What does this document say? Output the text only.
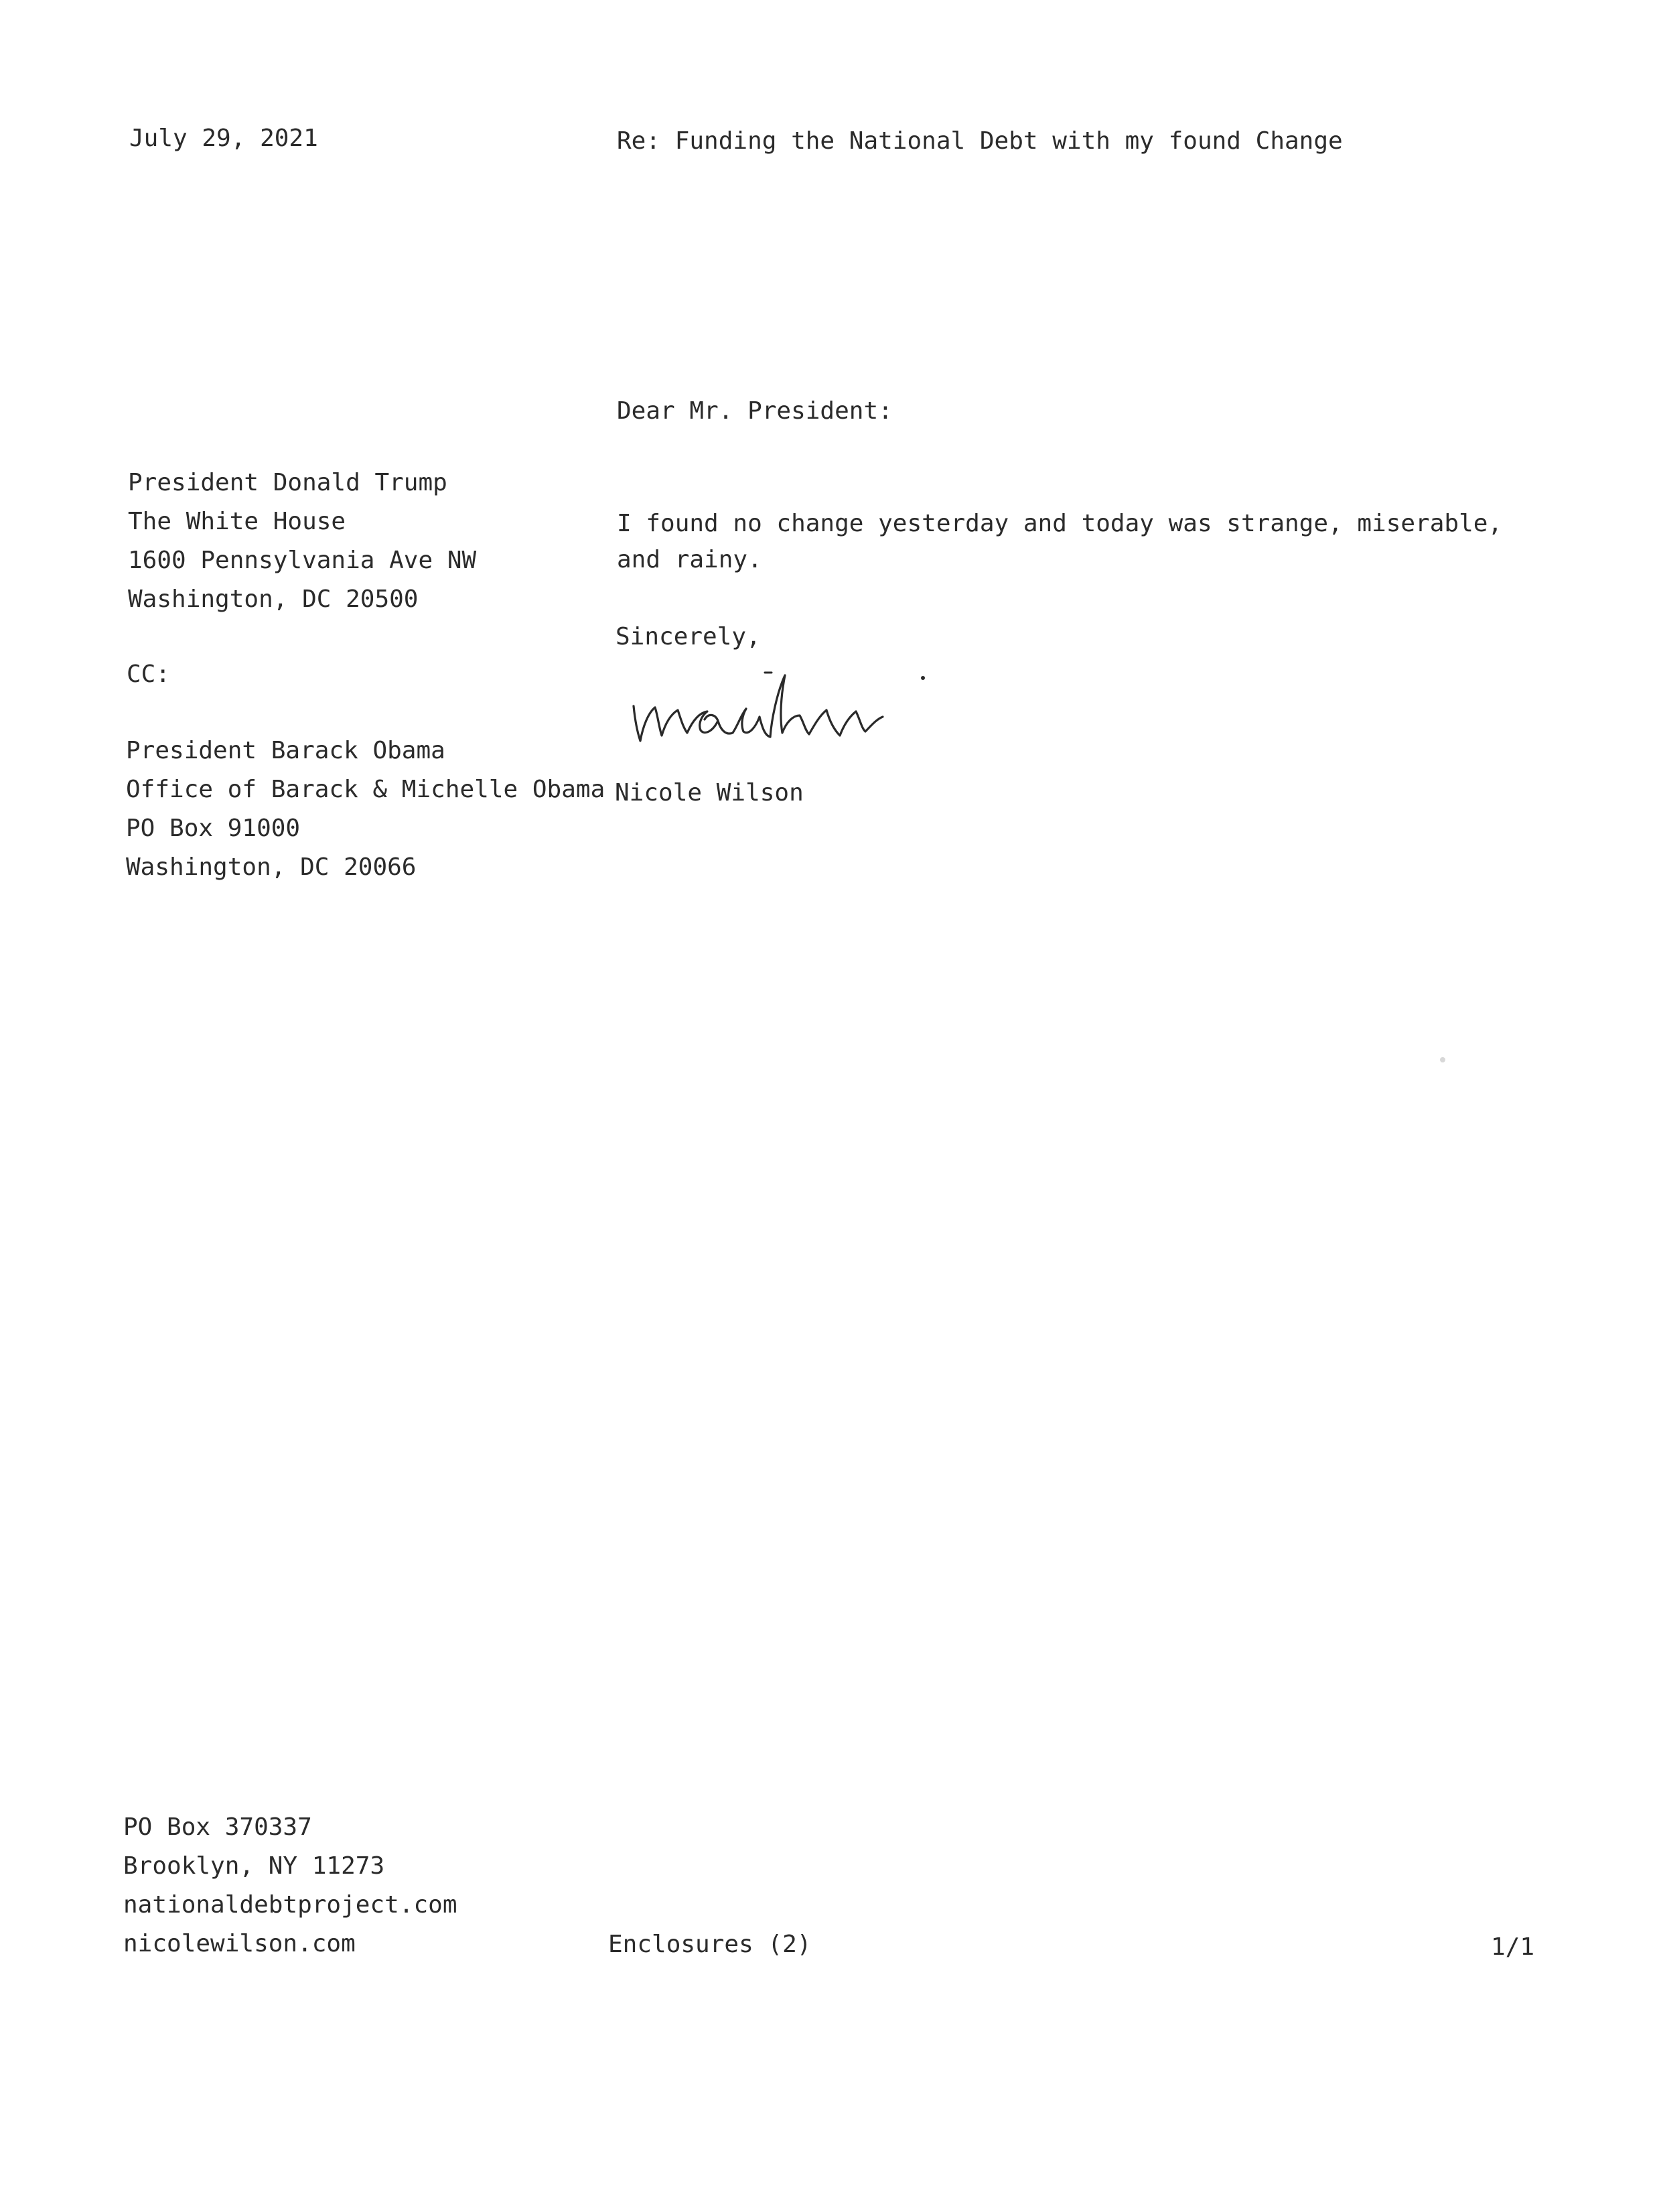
July 29, 2021	Re: Funding the National Debt with my found Change
Dear Mr. President:
President Donald Trump
The White House
1600 Pennsylvania Ave NW
Washington, DC 20500
CC:
President Barack Obama
Office of Barack & Michelle Obama
PO Box 91000
Washington, DC 20066
I found no change yesterday and today was strange, miserable, and rainy.
Sincerely,
Nicole Wilson
PO Box 370337
Brooklyn, NY 11273
nationaldebtproject.com
nicolewilson.com	Enclosures (2)	1/1
